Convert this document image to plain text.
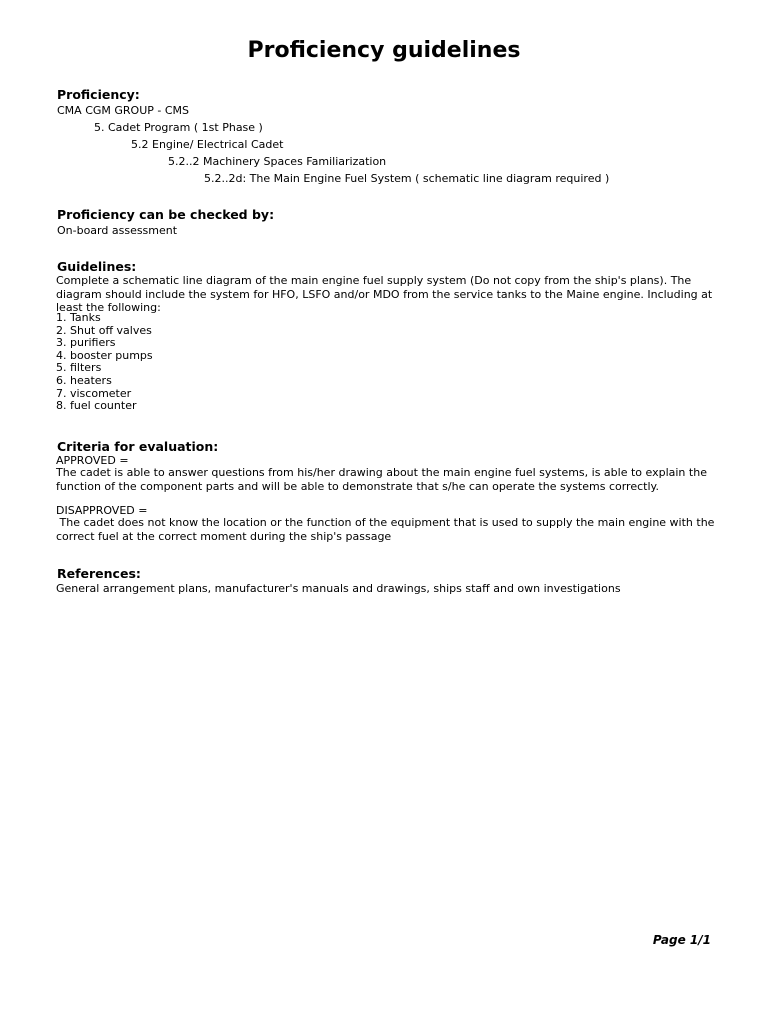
Proficiency guidelines
Proficiency:
CMA CGM GROUP - CMS
5. Cadet Program ( 1st Phase )
5.2 Engine/ Electrical Cadet
5.2..2 Machinery Spaces Familiarization
5.2..2d: The Main Engine Fuel System ( schematic line diagram required )
Proficiency can be checked by:
On-board assessment
Guidelines:
Complete a schematic line diagram of the main engine fuel supply system (Do not copy from the ship's plans). The diagram should include the system for HFO, LSFO and/or MDO from the service tanks to the Maine engine. Including at least the following:
1. Tanks
2. Shut off valves
3. purifiers
4. booster pumps
5. filters
6. heaters
7. viscometer
8. fuel counter
Criteria for evaluation:
APPROVED =
The cadet is able to answer questions from his/her drawing about the main engine fuel systems, is able to explain the function of the component parts and will be able to demonstrate that s/he can operate the systems correctly.
DISAPPROVED =
The cadet does not know the location or the function of the equipment that is used to supply the main engine with the correct fuel at the correct moment during the ship's passage
References:
General arrangement plans, manufacturer's manuals and drawings, ships staff and own investigations
Page 1/1
